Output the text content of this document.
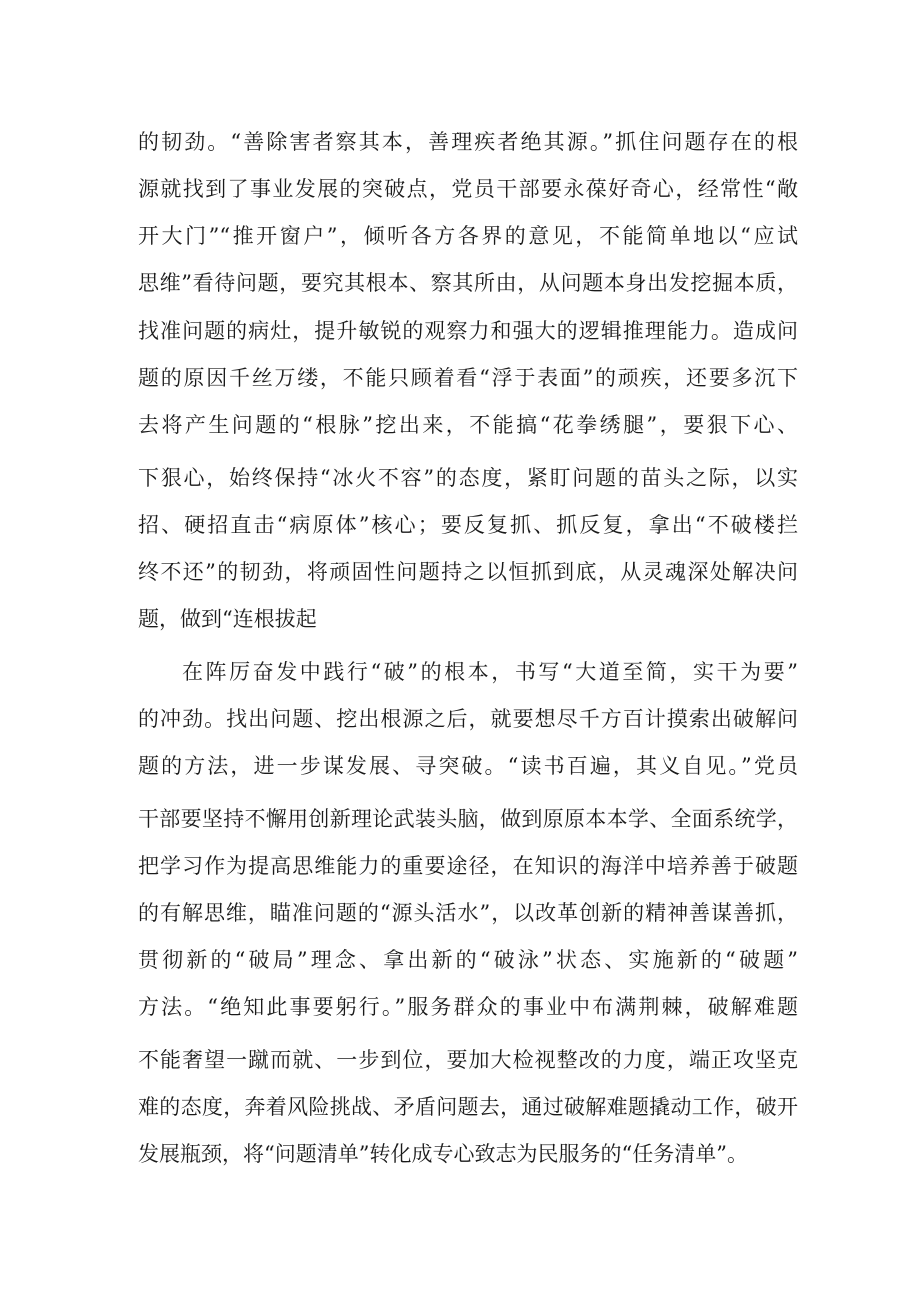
的韧劲。“善除害者察其本，善理疾者绝其源。”抓住问题存在的根
源就找到了事业发展的突破点，党员干部要永葆好奇心，经常性“敞
开大门”“推开窗户”，倾听各方各界的意见，不能简单地以“应试
思维”看待问题，要究其根本、察其所由，从问题本身出发挖掘本质，
找准问题的病灶，提升敏锐的观察力和强大的逻辑推理能力。造成问
题的原因千丝万缕，不能只顾着看“浮于表面”的顽疾，还要多沉下
去将产生问题的“根脉”挖出来，不能搞“花拳绣腿”，要狠下心、
下狠心，始终保持“冰火不容”的态度，紧盯问题的苗头之际，以实
招、硬招直击“病原体”核心；要反复抓、抓反复，拿出“不破楼拦
终不还”的韧劲，将顽固性问题持之以恒抓到底，从灵魂深处解决问
题，做到“连根拔起
在阵厉奋发中践行“破”的根本，书写“大道至简，实干为要”
的冲劲。找出问题、挖出根源之后，就要想尽千方百计摸索出破解问
题的方法，进一步谋发展、寻突破。“读书百遍，其义自见。”党员
干部要坚持不懈用创新理论武装头脑，做到原原本本学、全面系统学，
把学习作为提高思维能力的重要途径，在知识的海洋中培养善于破题
的有解思维，瞄准问题的“源头活水”，以改革创新的精神善谋善抓，
贯彻新的“破局”理念、拿出新的“破泳”状态、实施新的“破题”
方法。“绝知此事要躬行。”服务群众的事业中布满荆棘，破解难题
不能奢望一蹴而就、一步到位，要加大检视整改的力度，端正攻坚克
难的态度，奔着风险挑战、矛盾问题去，通过破解难题撬动工作，破开
发展瓶颈，将“问题清单”转化成专心致志为民服务的“任务清单”。
